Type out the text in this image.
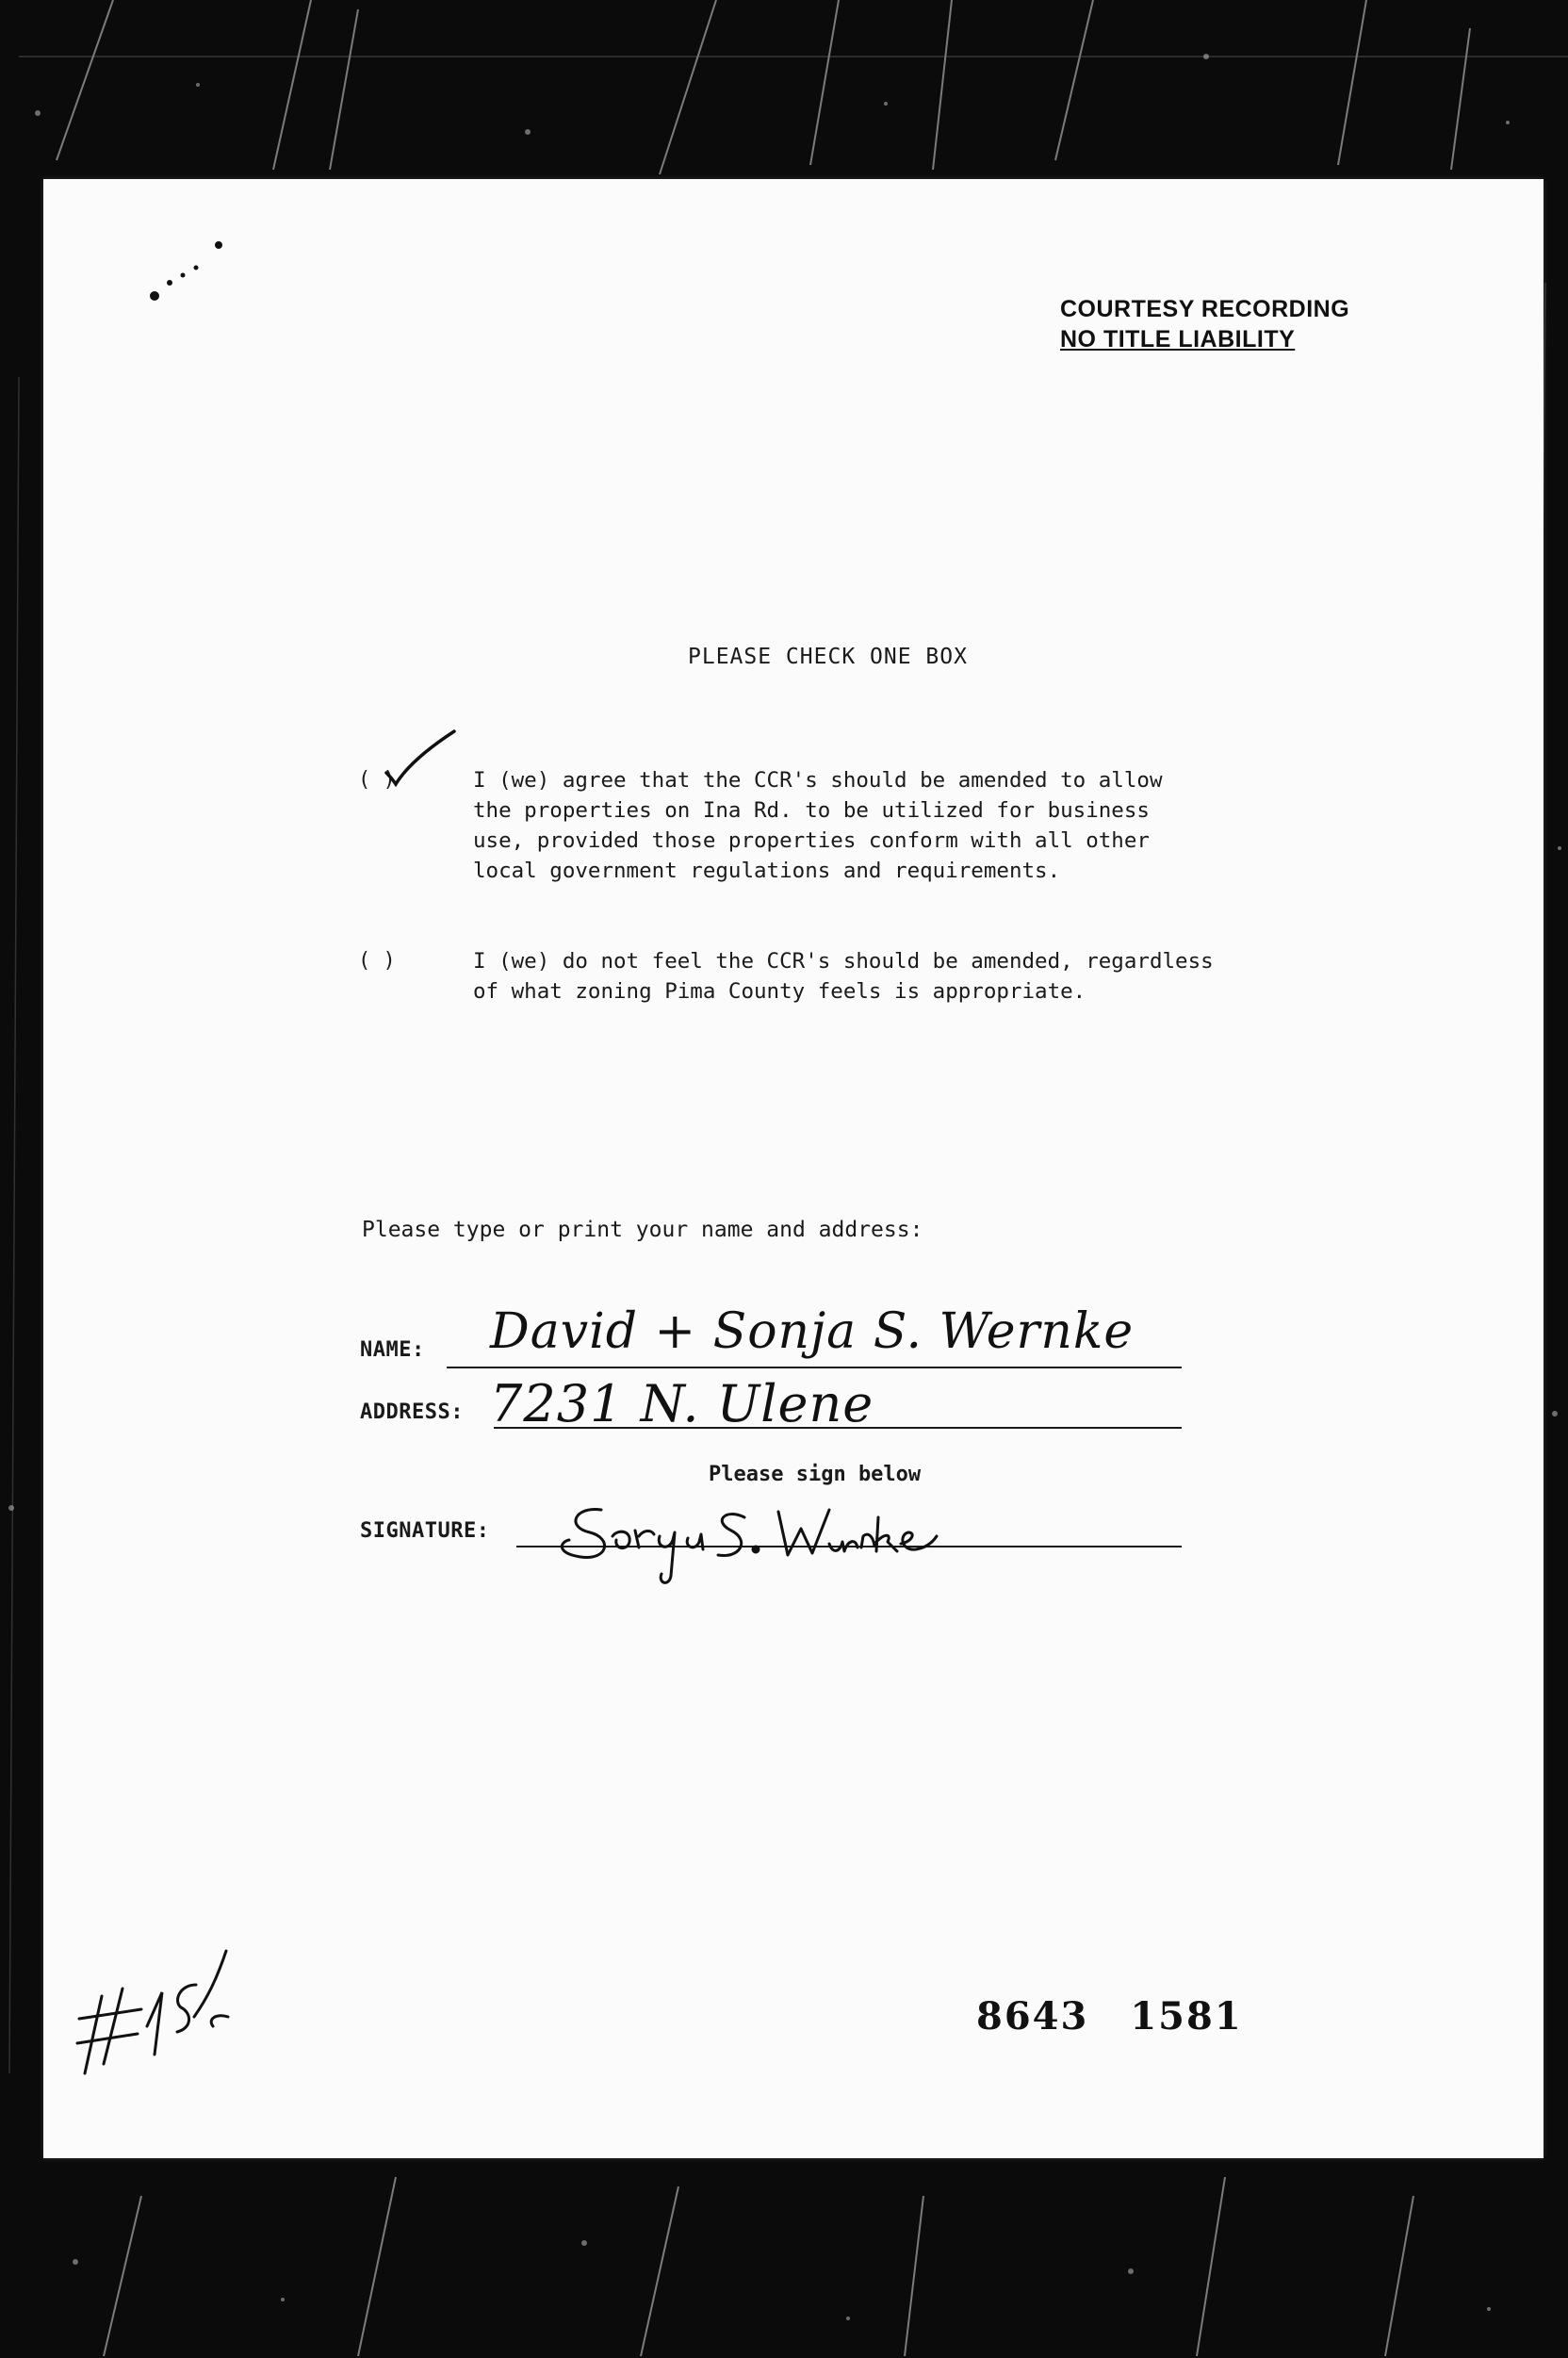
COURTESY RECORDING
NO TITLE LIABILITY
PLEASE CHECK ONE BOX
( )	I (we) agree that the CCR's should be amended to allow
the properties on Ina Rd. to be utilized for business
use, provided those properties conform with all other
local government regulations and requirements.
( )	I (we) do not feel the CCR's should be amended, regardless
of what zoning Pima County feels is appropriate.
Please type or print your name and address:
NAME: David + Sonja S. Wernke
ADDRESS: 7231 N. Ulene
Please sign below
SIGNATURE:
8643 1581
